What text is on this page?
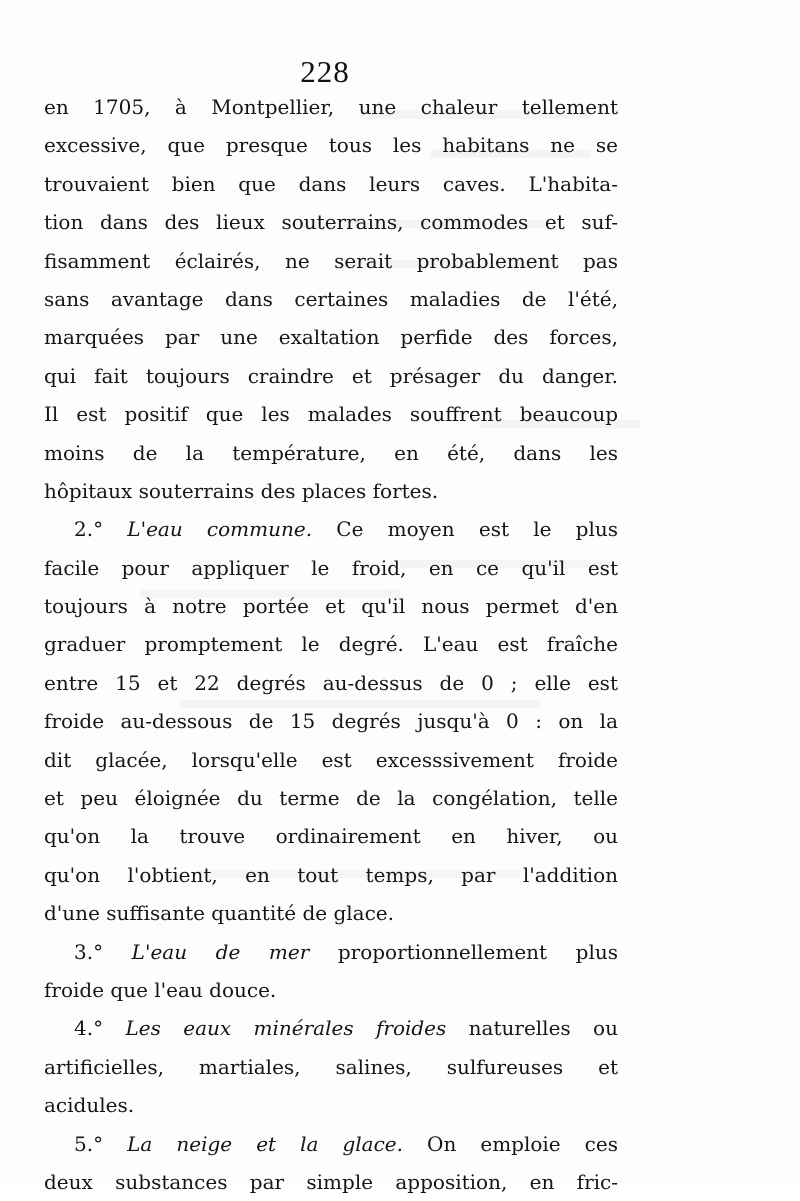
228
en 1705, à Montpellier, une chaleur tellement
excessive, que presque tous les habitans ne se
trouvaient bien que dans leurs caves. L'habita-
tion dans des lieux souterrains, commodes et suf-
fisamment éclairés, ne serait probablement pas
sans avantage dans certaines maladies de l'été,
marquées par une exaltation perfide des forces,
qui fait toujours craindre et présager du danger.
Il est positif que les malades souffrent beaucoup
moins de la température, en été, dans les
hôpitaux souterrains des places fortes.
2.° L'eau commune. Ce moyen est le plus
facile pour appliquer le froid, en ce qu'il est
toujours à notre portée et qu'il nous permet d'en
graduer promptement le degré. L'eau est fraîche
entre 15 et 22 degrés au-dessus de 0 ; elle est
froide au-dessous de 15 degrés jusqu'à 0 : on la
dit glacée, lorsqu'elle est excesssivement froide
et peu éloignée du terme de la congélation, telle
qu'on la trouve ordinairement en hiver, ou
qu'on l'obtient, en tout temps, par l'addition
d'une suffisante quantité de glace.
3.° L'eau de mer proportionnellement plus
froide que l'eau douce.
4.° Les eaux minérales froides naturelles ou
artificielles, martiales, salines, sulfureuses et
acidules.
5.° La neige et la glace. On emploie ces
deux substances par simple apposition, en fric-
